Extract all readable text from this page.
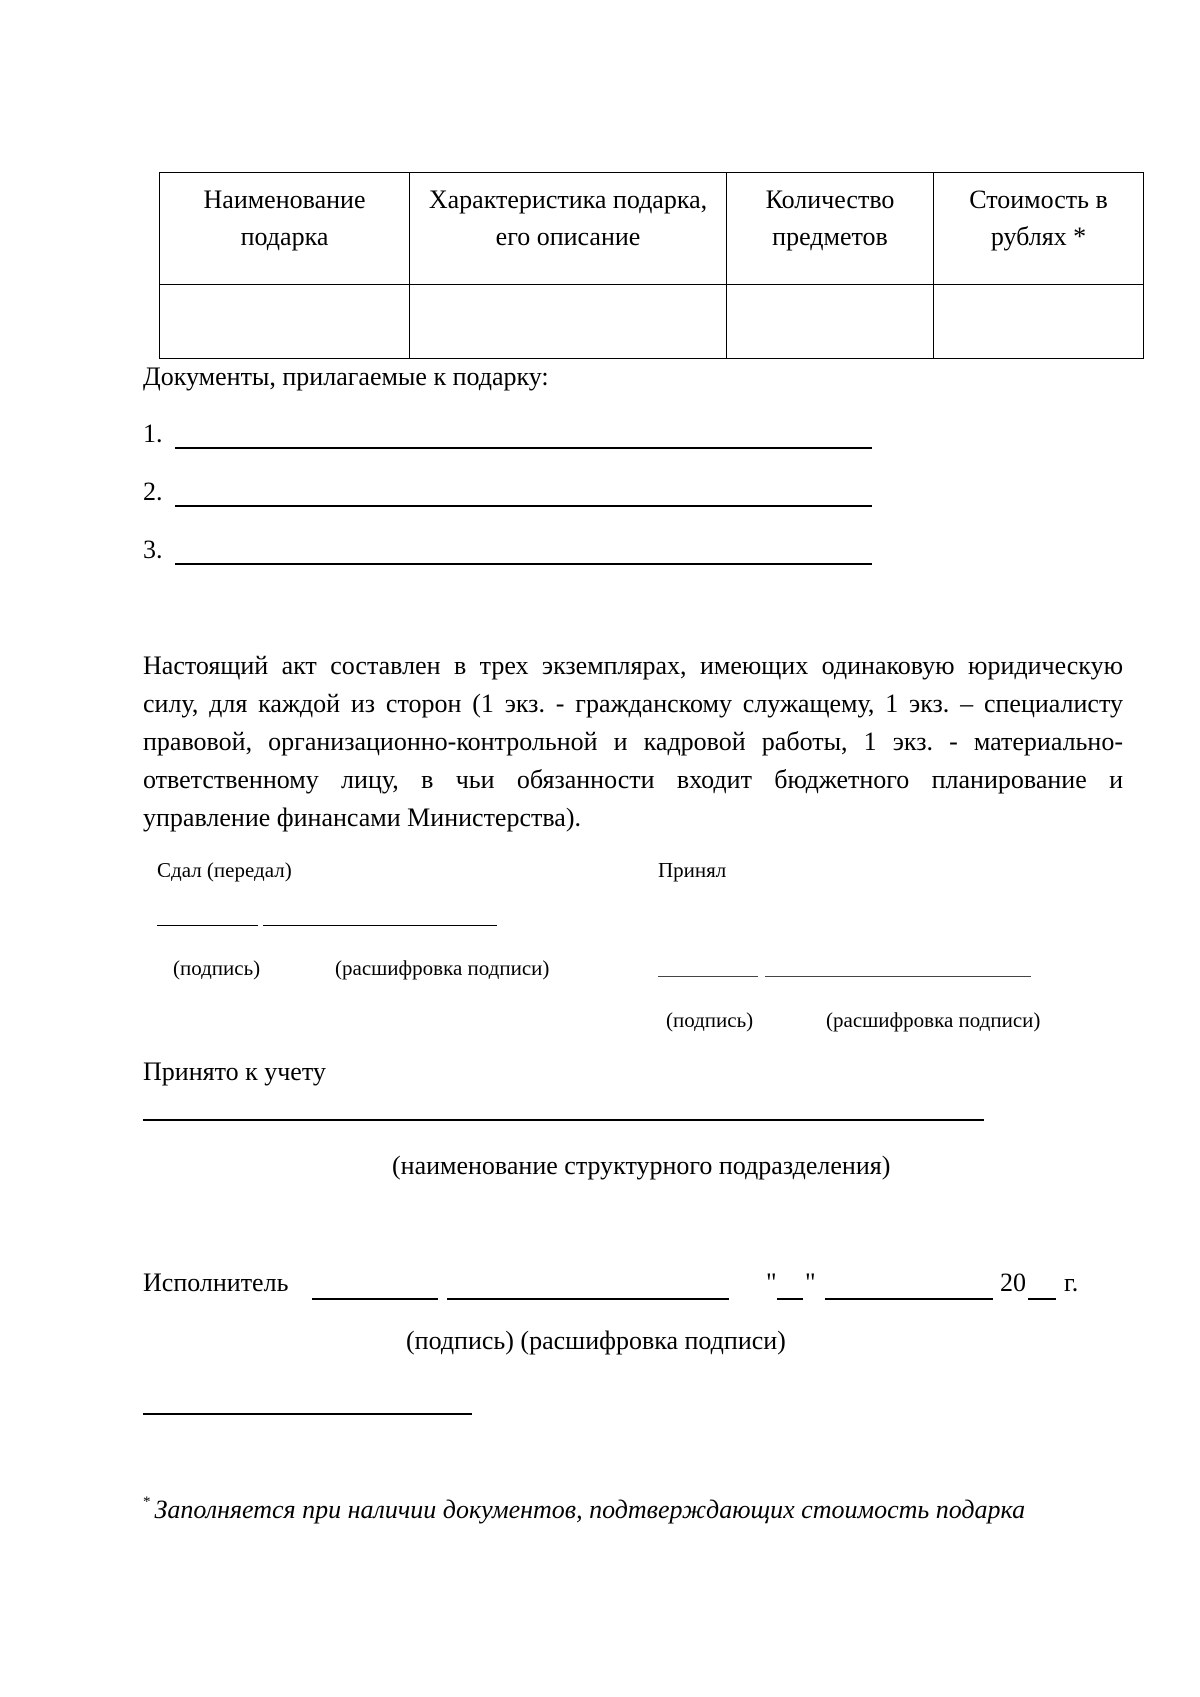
Наименование подарка	Характеристика подарка, его описание	Количество предметов	Стоимость в рублях *

Документы, прилагаемые к подарку:
1.
2.
3.
Настоящий акт составлен в трех экземплярах, имеющих одинаковую юридическую силу, для каждой из сторон (1 экз. - гражданскому служащему, 1 экз. – специалисту правовой, организационно-контрольной и кадровой работы, 1 экз. - материально-ответственному лицу, в чьи обязанности входит бюджетного планирование и управление финансами Министерства).
Сдал (передал)
(подпись)	(расшифровка подписи)
Принял
(подпись)	(расшифровка подписи)
Принято к учету
(наименование структурного подразделения)
Исполнитель	" "	20 г.
(подпись) (расшифровка подписи)
* Заполняется при наличии документов, подтверждающих стоимость подарка
